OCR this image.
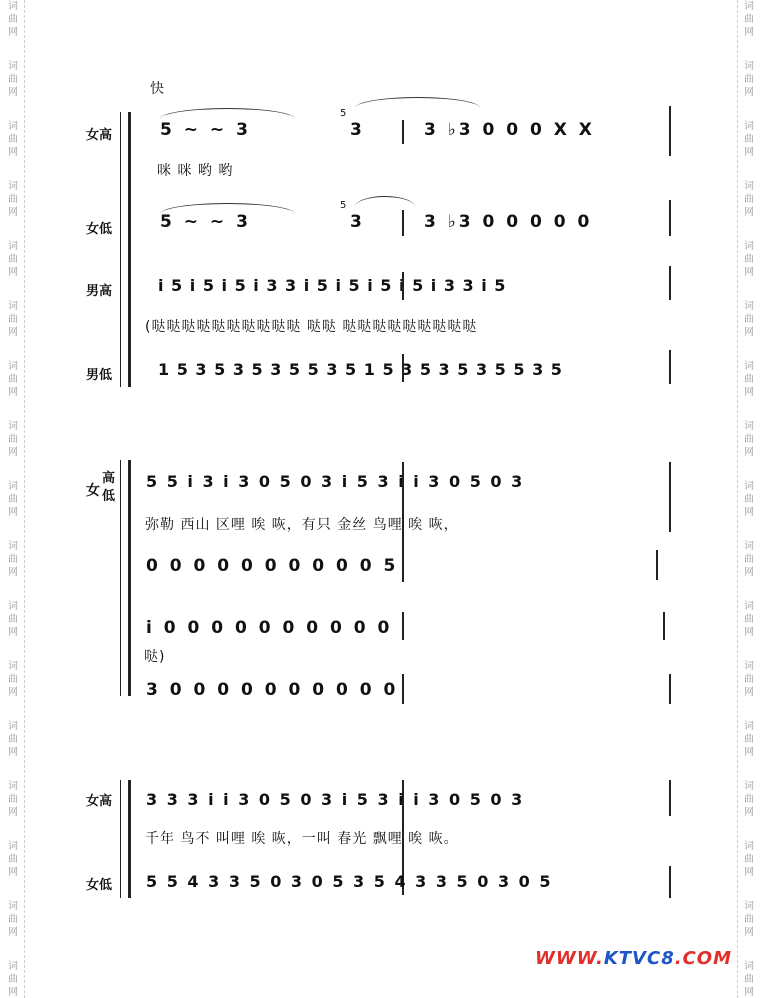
词
曲
网
词
曲
网
词
曲
网
词
曲
网
词
曲
网
词
曲
网
词
曲
网
词
曲
网
词
曲
网
词
曲
网
词
曲
网
词
曲
网
词
曲
网
词
曲
网
词
曲
网
词
曲
网
词
曲
网
词
曲
网
词
曲
网
词
曲
网
词
曲
网
词
曲
网
词
曲
网
词
曲
网
词
曲
网
词
曲
网
词
曲
网
词
曲
网
词
曲
网
词
曲
网
词
曲
网
词
曲
网
词
曲
网
词
曲
网
快
女高
女低
男高
男低
5 ~ ~ 3
5
3	3 ♭3 0 0 0 X X
咪 咪 哟 哟
5 ~ ~ 3
5
3	3 ♭3 0 0 0 0 0
i 5 i 5 i 5 i 3 3 i 5 i 5 i 5 i 5 i 3 3 i 5
(哒哒哒哒哒哒哒哒哒哒 哒哒 哒哒哒哒哒哒哒哒哒
1 5 3 5 3 5 3 5 5 3 5 1 5 3 5 3 5 3 5 5 3 5
女
高
低
5 5 i 3 i 3 0 5 0 3 i 5 3 i i 3 0 5 0 3
弥勒 西山 区哩 唉 咴，有只 金丝 鸟哩 唉 咴，
0 0 0 0 0 0 0 0 0 0 5
i 0 0 0 0 0 0 0 0 0 0
哒)
3 0 0 0 0 0 0 0 0 0 0
女高
女低
3 3 3 i i 3 0 5 0 3 i 5 3 i i 3 0 5 0 3
千年 鸟不 叫哩 唉 咴，一叫 春光 飘哩 唉 咴。
5 5 4 3 3 5 0 3 0 5 3 5 4 3 3 5 0 3 0 5
WWW.KTVC8.COM
